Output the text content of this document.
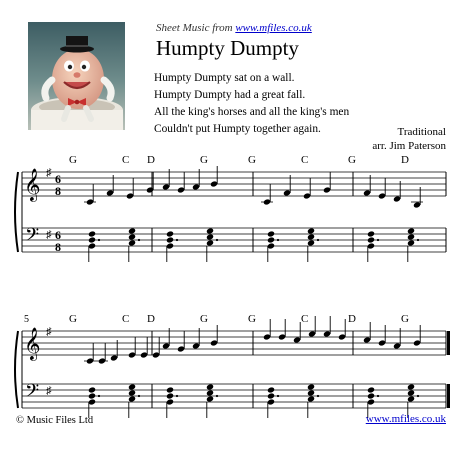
Sheet Music from www.mfiles.co.uk
Humpty Dumpty
Humpty Dumpty sat on a wall.
Humpty Dumpty had a great fall.
All the king's horses and all the king's men
Couldn't put Humpty together again.	Traditional
arr. Jim Paterson
𝄞
𝄢
♯
♯
6
8
6
8
G	C D	G	G	C	G	D
𝄞
𝄢
♯
♯
5	G	C D	G	G	C	D	G
© Music Files Ltd	www.mfiles.co.uk
